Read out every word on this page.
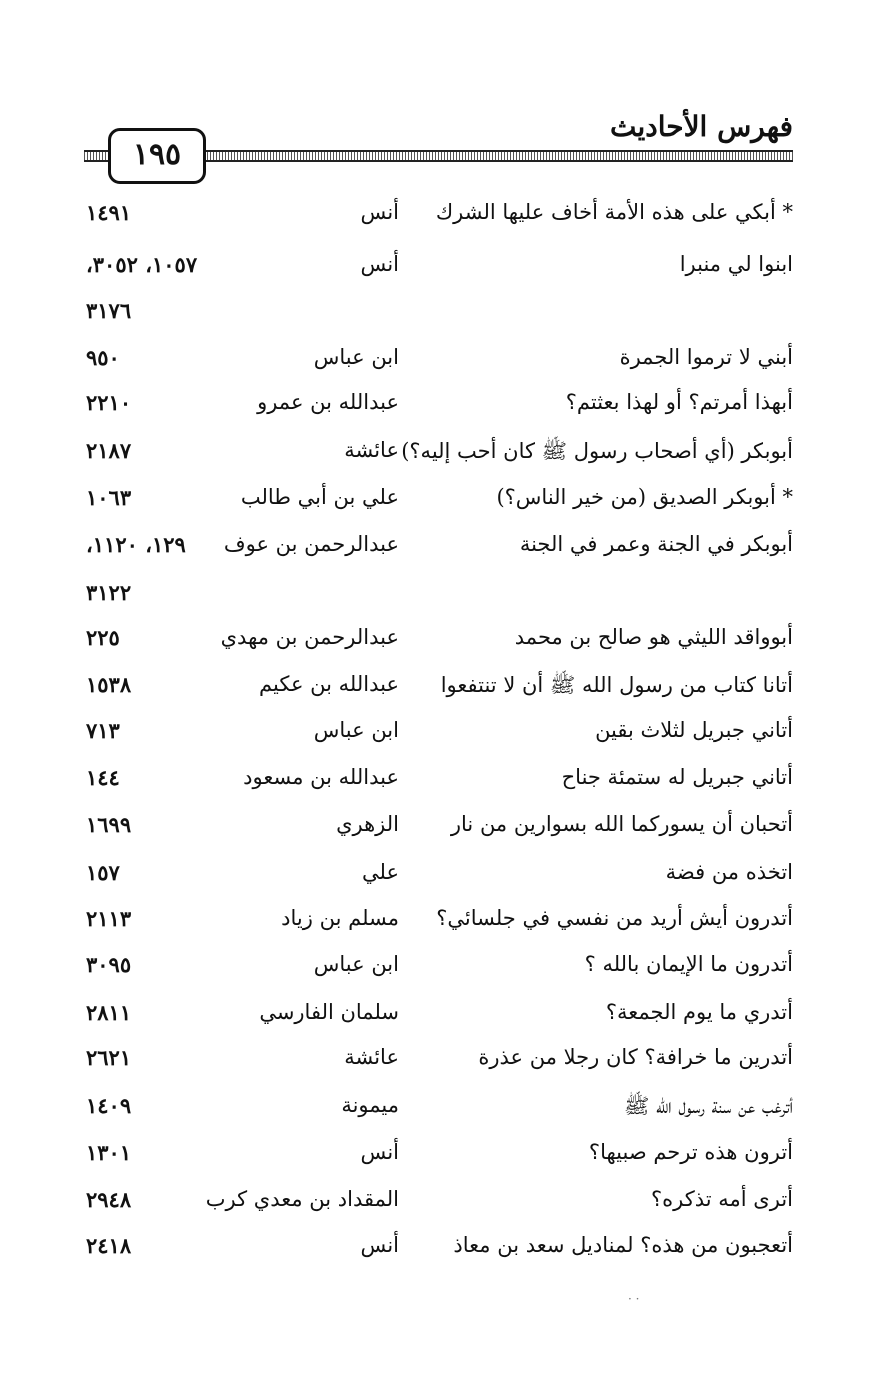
فهرس الأحاديث
١٩٥
* أبكي على هذه الأمة أخاف عليها الشرك
أنس
١٤٩١
ابنوا لي منبرا
أنس
١٠٥٧، ٣٠٥٢،
٣١٧٦
أبني لا ترموا الجمرة
ابن عباس
٩٥٠
أبهذا أمرتم؟ أو لهذا بعثتم؟
عبدالله بن عمرو
٢٢١٠
أبوبكر (أي أصحاب رسول ﷺ كان أحب إليه؟)
عائشة
٢١٨٧
* أبوبكر الصديق (من خير الناس؟)
علي بن أبي طالب
١٠٦٣
أبوبكر في الجنة وعمر في الجنة
عبدالرحمن بن عوف
١٢٩، ١١٢٠،
٣١٢٢
أبوواقد الليثي هو صالح بن محمد
عبدالرحمن بن مهدي
٢٢٥
أتانا كتاب من رسول الله ﷺ أن لا تنتفعوا
عبدالله بن عكيم
١٥٣٨
أتاني جبريل لثلاث بقين
ابن عباس
٧١٣
أتاني جبريل له ستمئة جناح
عبدالله بن مسعود
١٤٤
أتحبان أن يسوركما الله بسوارين من نار
الزهري
١٦٩٩
اتخذه من فضة
علي
١٥٧
أتدرون أيش أريد من نفسي في جلسائي؟
مسلم بن زياد
٢١١٣
أتدرون ما الإيمان بالله ؟
ابن عباس
٣٠٩٥
أتدري ما يوم الجمعة؟
سلمان الفارسي
٢٨١١
أتدرين ما خرافة؟ كان رجلا من عذرة
عائشة
٢٦٢١
أترغب عن سنة رسول الله ﷺ
ميمونة
١٤٠٩
أترون هذه ترحم صبيها؟
أنس
١٣٠١
أترى أمه تذكره؟
المقداد بن معدي كرب
٢٩٤٨
أتعجبون من هذه؟ لمناديل سعد بن معاذ
أنس
٢٤١٨
· ·
